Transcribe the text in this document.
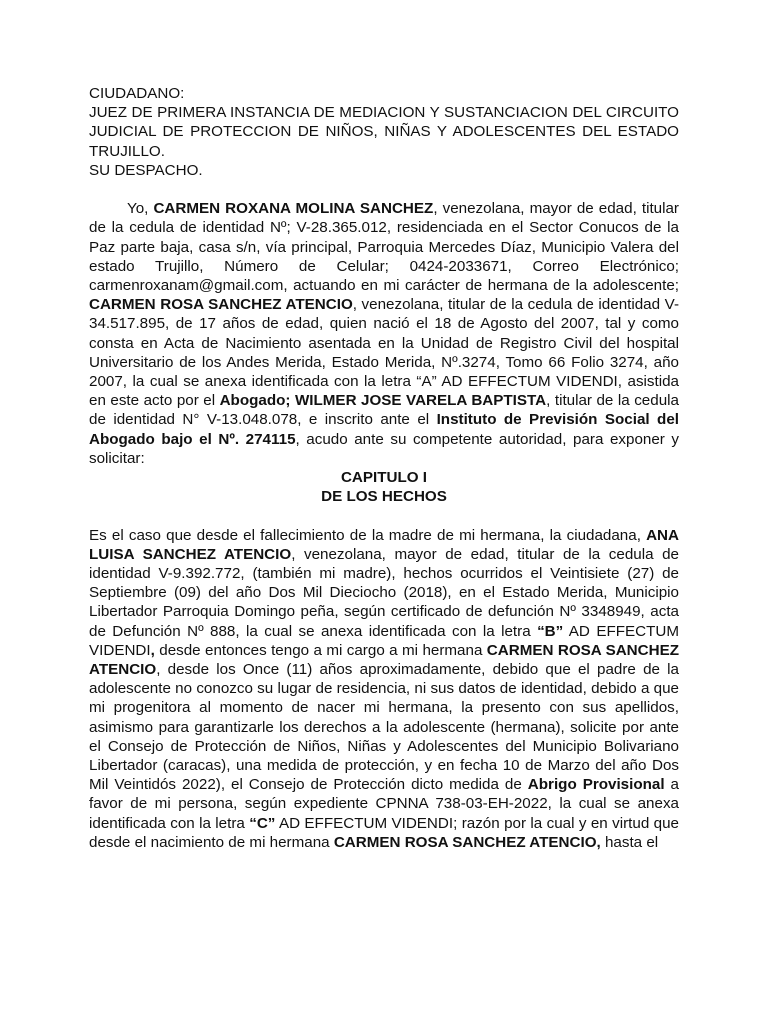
CIUDADANO:
JUEZ DE PRIMERA INSTANCIA DE MEDIACION Y SUSTANCIACION DEL CIRCUITO JUDICIAL DE PROTECCION DE NIÑOS, NIÑAS Y ADOLESCENTES DEL ESTADO TRUJILLO.
SU DESPACHO.

Yo, CARMEN ROXANA MOLINA SANCHEZ, venezolana, mayor de edad, titular de la cedula de identidad Nº; V-28.365.012, residenciada en el Sector Conucos de la Paz parte baja, casa s/n, vía principal, Parroquia Mercedes Díaz, Municipio Valera del estado Trujillo, Número de Celular; 0424-2033671, Correo Electrónico; carmenroxanam@gmail.com, actuando en mi carácter de hermana de la adolescente; CARMEN ROSA SANCHEZ ATENCIO, venezolana, titular de la cedula de identidad V-34.517.895, de 17 años de edad, quien nació el 18 de Agosto del 2007, tal y como consta en Acta de Nacimiento asentada en la Unidad de Registro Civil del hospital Universitario de los Andes Merida, Estado Merida, Nº.3274, Tomo 66 Folio 3274, año 2007, la cual se anexa identificada con la letra “A” AD EFFECTUM VIDENDI, asistida en este acto por el Abogado; WILMER JOSE VARELA BAPTISTA, titular de la cedula de identidad N° V-13.048.078, e inscrito ante el Instituto de Previsión Social del Abogado bajo el Nº. 274115, acudo ante su competente autoridad, para exponer y solicitar:

CAPITULO I

DE LOS HECHOS

Es el caso que desde el fallecimiento de la madre de mi hermana, la ciudadana, ANA LUISA SANCHEZ ATENCIO, venezolana, mayor de edad, titular de la cedula de identidad V-9.392.772, (también mi madre), hechos ocurridos el Veintisiete (27) de Septiembre (09) del año Dos Mil Dieciocho (2018), en el Estado Merida, Municipio Libertador Parroquia Domingo peña, según certificado de defunción Nº 3348949, acta de Defunción Nº 888, la cual se anexa identificada con la letra “B” AD EFFECTUM VIDENDI, desde entonces tengo a mi cargo a mi hermana CARMEN ROSA SANCHEZ ATENCIO, desde los Once (11) años aproximadamente, debido que el padre de la adolescente no conozco su lugar de residencia, ni sus datos de identidad, debido a que mi progenitora al momento de nacer mi hermana, la presento con sus apellidos, asimismo para garantizarle los derechos a la adolescente (hermana), solicite por ante el Consejo de Protección de Niños, Niñas y Adolescentes del Municipio Bolivariano Libertador (caracas), una medida de protección, y en fecha 10 de Marzo del año Dos Mil Veintidós 2022), el Consejo de Protección dicto medida de Abrigo Provisional a favor de mi persona, según expediente CPNNA 738-03-EH-2022, la cual se anexa identificada con la letra “C” AD EFFECTUM VIDENDI; razón por la cual y en virtud que desde el nacimiento de mi hermana CARMEN ROSA SANCHEZ ATENCIO, hasta el
